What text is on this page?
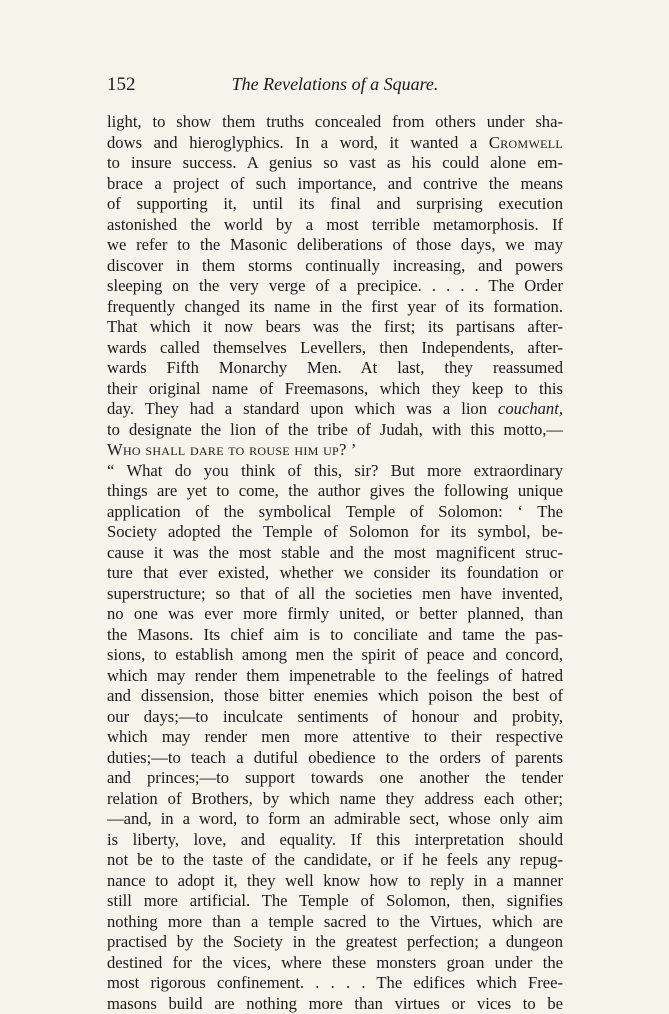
152	The Revelations of a Square.
light, to show them truths concealed from others under sha-
dows and hieroglyphics. In a word, it wanted a Cromwell
to insure success. A genius so vast as his could alone em-
brace a project of such importance, and contrive the means
of supporting it, until its final and surprising execution
astonished the world by a most terrible metamorphosis. If
we refer to the Masonic deliberations of those days, we may
discover in them storms continually increasing, and powers
sleeping on the very verge of a precipice. . . . . The Order
frequently changed its name in the first year of its formation.
That which it now bears was the first; its partisans after-
wards called themselves Levellers, then Independents, after-
wards Fifth Monarchy Men. At last, they reassumed
their original name of Freemasons, which they keep to this
day. They had a standard upon which was a lion couchant,
to designate the lion of the tribe of Judah, with this motto,—
Who shall dare to rouse him up? ’
“ What do you think of this, sir? But more extraordinary
things are yet to come, the author gives the following unique
application of the symbolical Temple of Solomon: ‘ The
Society adopted the Temple of Solomon for its symbol, be-
cause it was the most stable and the most magnificent struc-
ture that ever existed, whether we consider its foundation or
superstructure; so that of all the societies men have invented,
no one was ever more firmly united, or better planned, than
the Masons. Its chief aim is to conciliate and tame the pas-
sions, to establish among men the spirit of peace and concord,
which may render them impenetrable to the feelings of hatred
and dissension, those bitter enemies which poison the best of
our days;—to inculcate sentiments of honour and probity,
which may render men more attentive to their respective
duties;—to teach a dutiful obedience to the orders of parents
and princes;—to support towards one another the tender
relation of Brothers, by which name they address each other;
—and, in a word, to form an admirable sect, whose only aim
is liberty, love, and equality. If this interpretation should
not be to the taste of the candidate, or if he feels any repug-
nance to adopt it, they well know how to reply in a manner
still more artificial. The Temple of Solomon, then, signifies
nothing more than a temple sacred to the Virtues, which are
practised by the Society in the greatest perfection; a dungeon
destined for the vices, where these monsters groan under the
most rigorous confinement. . . . . The edifices which Free-
masons build are nothing more than virtues or vices to be
